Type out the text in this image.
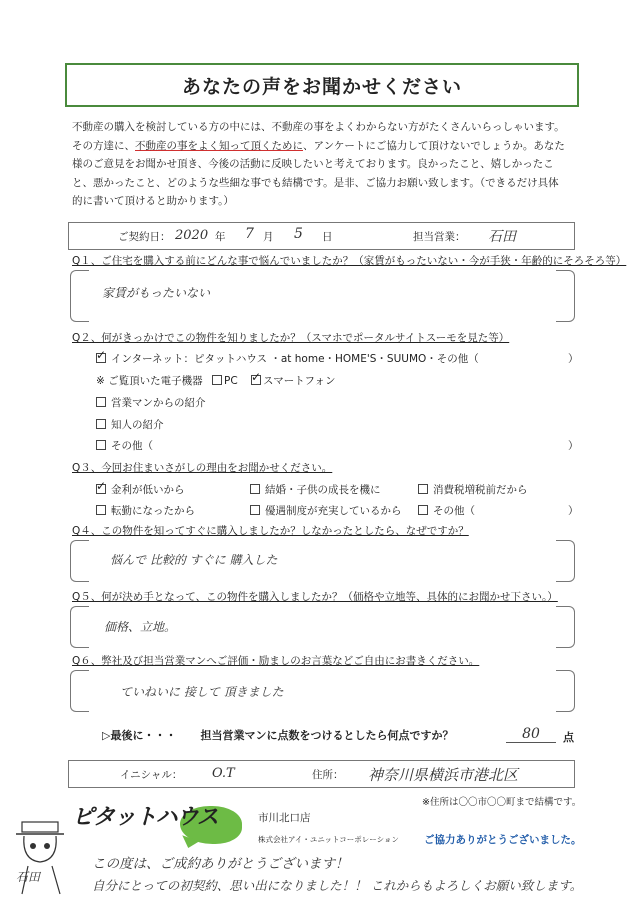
あなたの声をお聞かせください
不動産の購入を検討している方の中には、不動産の事をよくわからない方がたくさんいらっしゃいます。
その方達に、不動産の事をよく知って頂くために、アンケートにご協力して頂けないでしょうか。あなた
様のご意見をお聞かせ頂き、今後の活動に反映したいと考えております。良かったこと、嬉しかったこ
と、悪かったこと、どのような些細な事でも結構です。是非、ご協力お願い致します。（できるだけ具体
的に書いて頂けると助かります。）
ご契約日： 2020 年 7 月 5 日	担当営業： 石田
Q１、ご住宅を購入する前にどんな事で悩んでいましたか？（家賃がもったいない・今が手狭・年齢的にそろそろ等）
家賃がもったいない
Q２、何がきっかけでこの物件を知りましたか？（スマホでポータルサイトスーモを見た等）
✓ インターネット：ピタットハウス ・at home・HOME'S・SUUMO・その他（	）
※ ご覧頂いた電子機器 PC ✓ スマートフォン
営業マンからの紹介
知人の紹介
その他（	）
Q３、今回お住まいさがしの理由をお聞かせください。
✓ 金利が低いから	結婚・子供の成長を機に	消費税増税前だから
転勤になったから	優遇制度が充実しているから	その他（	）
Q４、この物件を知ってすぐに購入しましたか？しなかったとしたら、なぜですか？
悩んで 比較的 すぐに 購入した
Q５、何が決め手となって、この物件を購入しましたか？（価格や立地等、具体的にお聞かせ下さい。）
価格、立地。
Q６、弊社及び担当営業マンへご評価・励ましのお言葉などご自由にお書きください。
ていねいに 接して 頂きました
▷最後に・・・ 担当営業マンに点数をつけるとしたら何点ですか？	80	点
イニシャル： O.T	住所： 神奈川県横浜市港北区
ピタットハウス	市川北口店
株式会社アイ・ユニットコーポレーション
※住所は〇〇市〇〇町まで結構です。
ご協力ありがとうございました。
石田
この度は、ご成約ありがとうございます！
自分にとっての初契約、思い出になりました！！ これからもよろしくお願い致します。
